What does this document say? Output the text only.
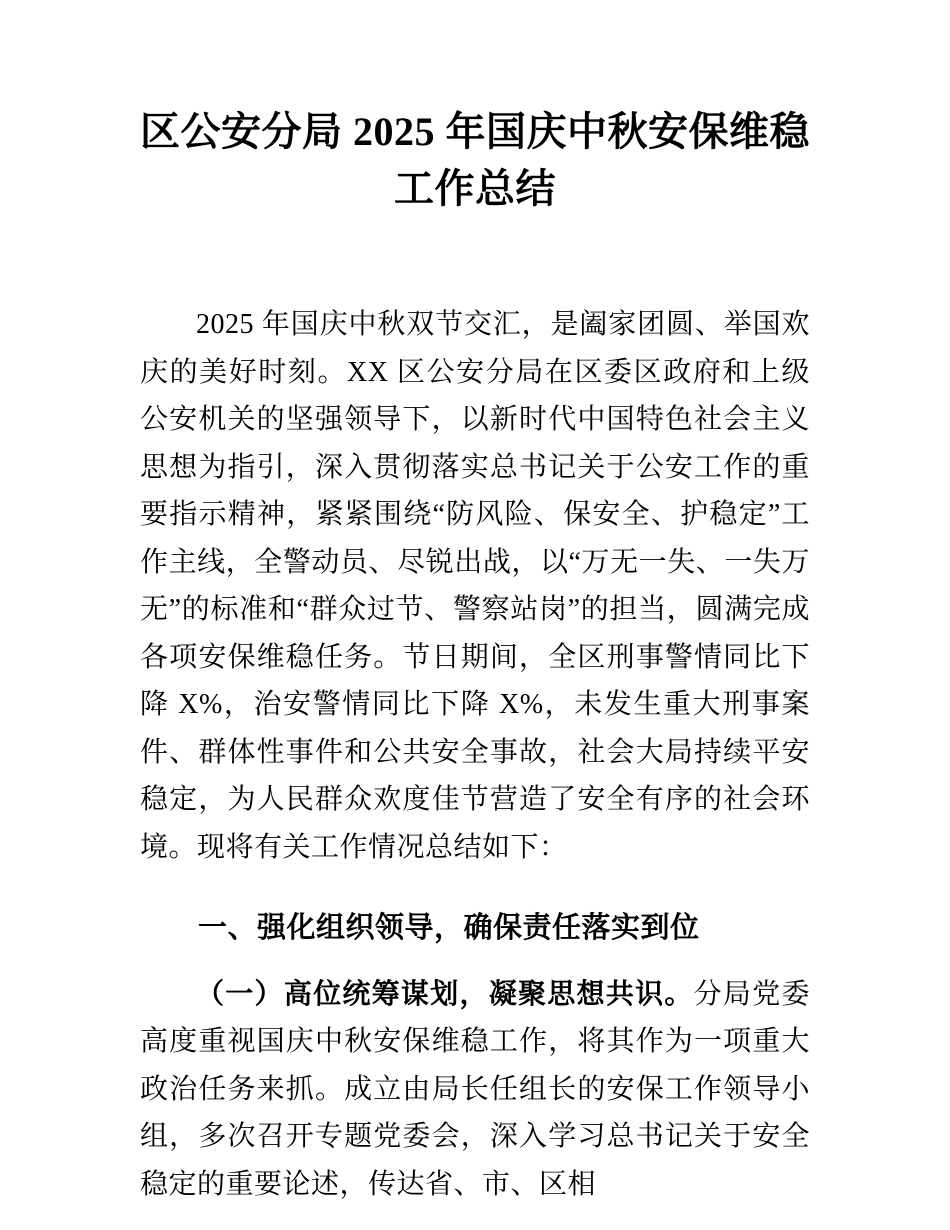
区公安分局 2025 年国庆中秋安保维稳工作总结

2025 年国庆中秋双节交汇，是阖家团圆、举国欢庆的美好时刻。XX 区公安分局在区委区政府和上级公安机关的坚强领导下，以新时代中国特色社会主义思想为指引，深入贯彻落实总书记关于公安工作的重要指示精神，紧紧围绕“防风险、保安全、护稳定”工作主线，全警动员、尽锐出战，以“万无一失、一失万无”的标准和“群众过节、警察站岗”的担当，圆满完成各项安保维稳任务。节日期间，全区刑事警情同比下降 X%，治安警情同比下降 X%，未发生重大刑事案件、群体性事件和公共安全事故，社会大局持续平安稳定，为人民群众欢度佳节营造了安全有序的社会环境。现将有关工作情况总结如下：

一、强化组织领导，确保责任落实到位

（一）高位统筹谋划，凝聚思想共识。分局党委高度重视国庆中秋安保维稳工作，将其作为一项重大政治任务来抓。成立由局长任组长的安保工作领导小组，多次召开专题党委会，深入学习总书记关于安全稳定的重要论述，传达省、市、区相
